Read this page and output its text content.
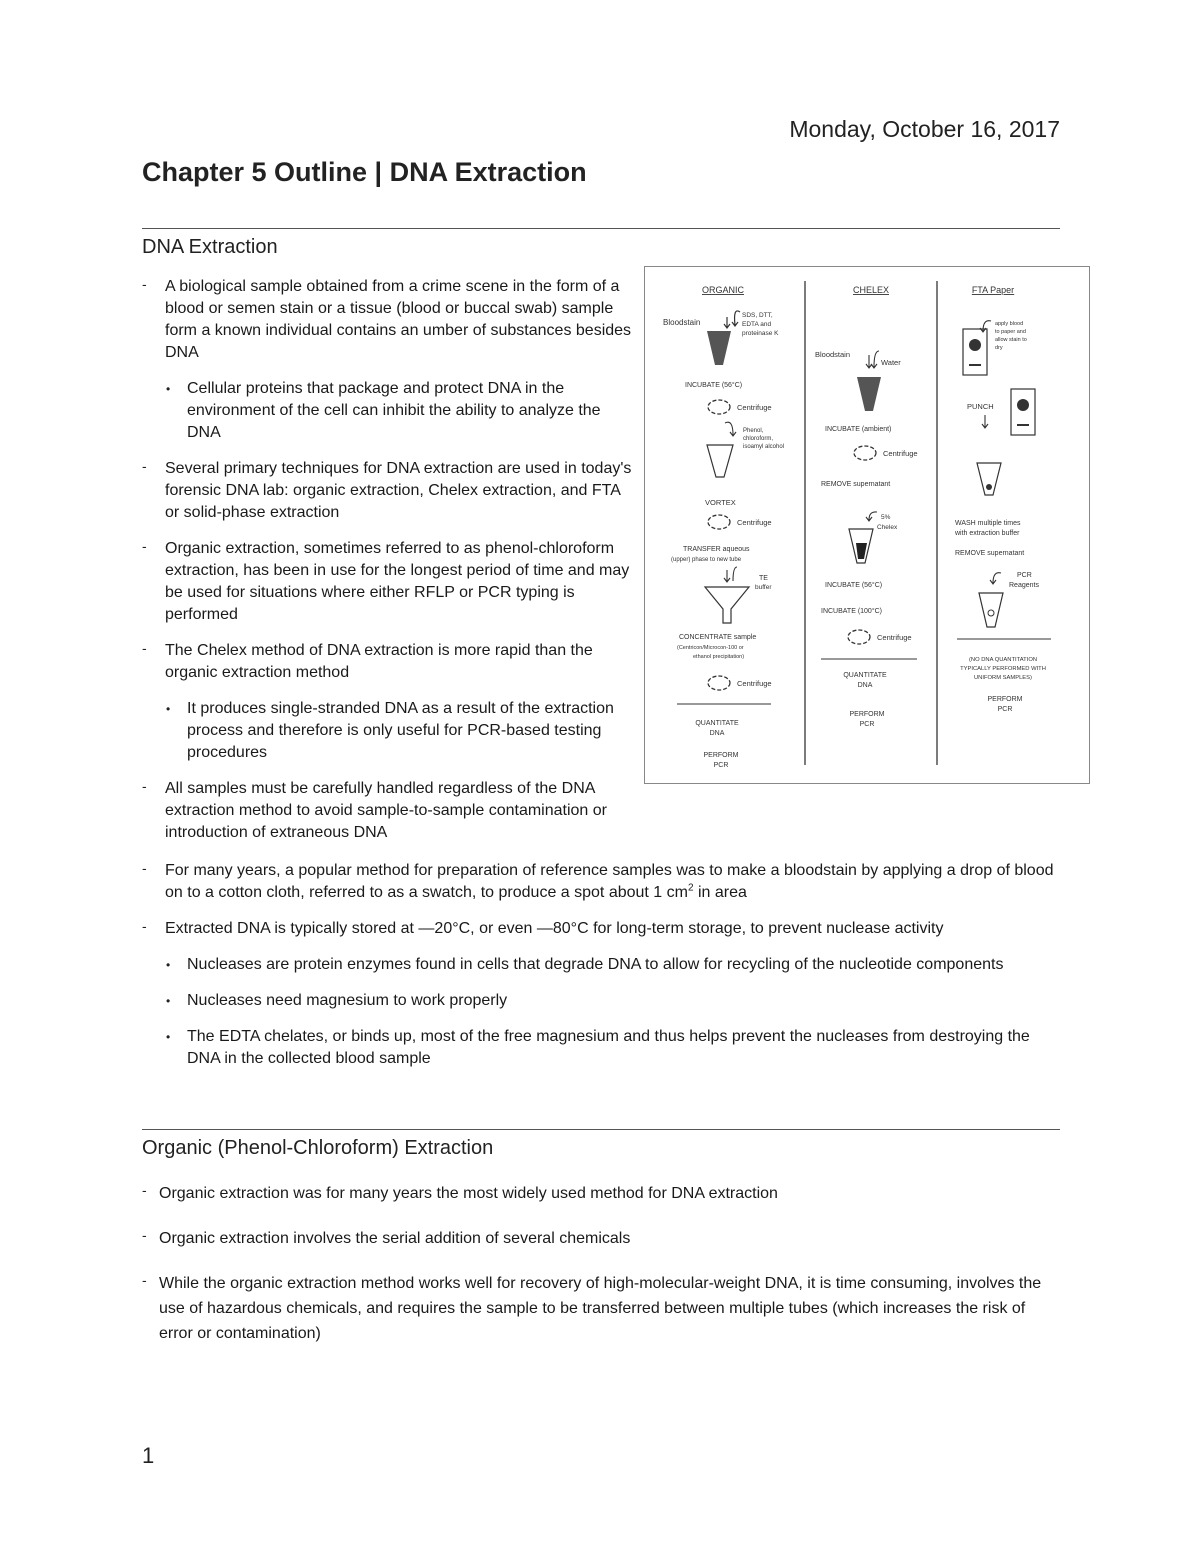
Monday, October 16, 2017
Chapter 5 Outline | DNA Extraction
DNA Extraction
- A biological sample obtained from a crime scene in the form of a blood or semen stain or a tissue (blood or buccal swab) sample form a known individual contains an umber of substances besides DNA
• Cellular proteins that package and protect DNA in the environment of the cell can inhibit the ability to analyze the DNA
- Several primary techniques for DNA extraction are used in today's forensic DNA lab: organic extraction, Chelex extraction, and FTA or solid-phase extraction
- Organic extraction, sometimes referred to as phenol-chloroform extraction, has been in use for the longest period of time and may be used for situations where either RFLP or PCR typing is performed
- The Chelex method of DNA extraction is more rapid than the organic extraction method
• It produces single-stranded DNA as a result of the extraction process and therefore is only useful for PCR-based testing procedures
- All samples must be carefully handled regardless of the DNA extraction method to avoid sample-to-sample contamination or introduction of extraneous DNA
- For many years, a popular method for preparation of reference samples was to make a bloodstain by applying a drop of blood on to a cotton cloth, referred to as a swatch, to produce a spot about 1 $cm^2$ in area
- Extracted DNA is typically stored at —20°C, or even —80°C for long-term storage, to prevent nuclease activity
• Nucleases are protein enzymes found in cells that degrade DNA to allow for recycling of the nucleotide components
• Nucleases need magnesium to work properly
• The EDTA chelates, or binds up, most of the free magnesium and thus helps prevent the nucleases from destroying the DNA in the collected blood sample
ORGANIC
Bloodstain
SDS, DTT,
EDTA and
proteinase K
INCUBATE (56°C)
Centrifuge
Phenol,
chloroform,
isoamyl alcohol
VORTEX
Centrifuge
TRANSFER aqueous
(upper) phase to new tube
TE
buffer
CONCENTRATE sample
(Centricon/Microcon-100 or
ethanol precipitation)
Centrifuge
QUANTITATE
DNA
PERFORM
PCR
CHELEX
Bloodstain
Water
INCUBATE (ambient)
Centrifuge
REMOVE supernatant
5%
Chelex
INCUBATE (56°C)
INCUBATE (100°C)
Centrifuge
QUANTITATE
DNA
PERFORM
PCR
FTA Paper
apply blood
to paper and
allow stain to
dry
PUNCH
WASH multiple times
with extraction buffer
REMOVE supernatant
PCR
Reagents
(NO DNA QUANTITATION
TYPICALLY PERFORMED WITH
UNIFORM SAMPLES)
PERFORM
PCR
Organic (Phenol-Chloroform) Extraction
- Organic extraction was for many years the most widely used method for DNA extraction
- Organic extraction involves the serial addition of several chemicals
- While the organic extraction method works well for recovery of high-molecular-weight DNA, it is time consuming, involves the use of hazardous chemicals, and requires the sample to be transferred between multiple tubes (which increases the risk of error or contamination)
1
